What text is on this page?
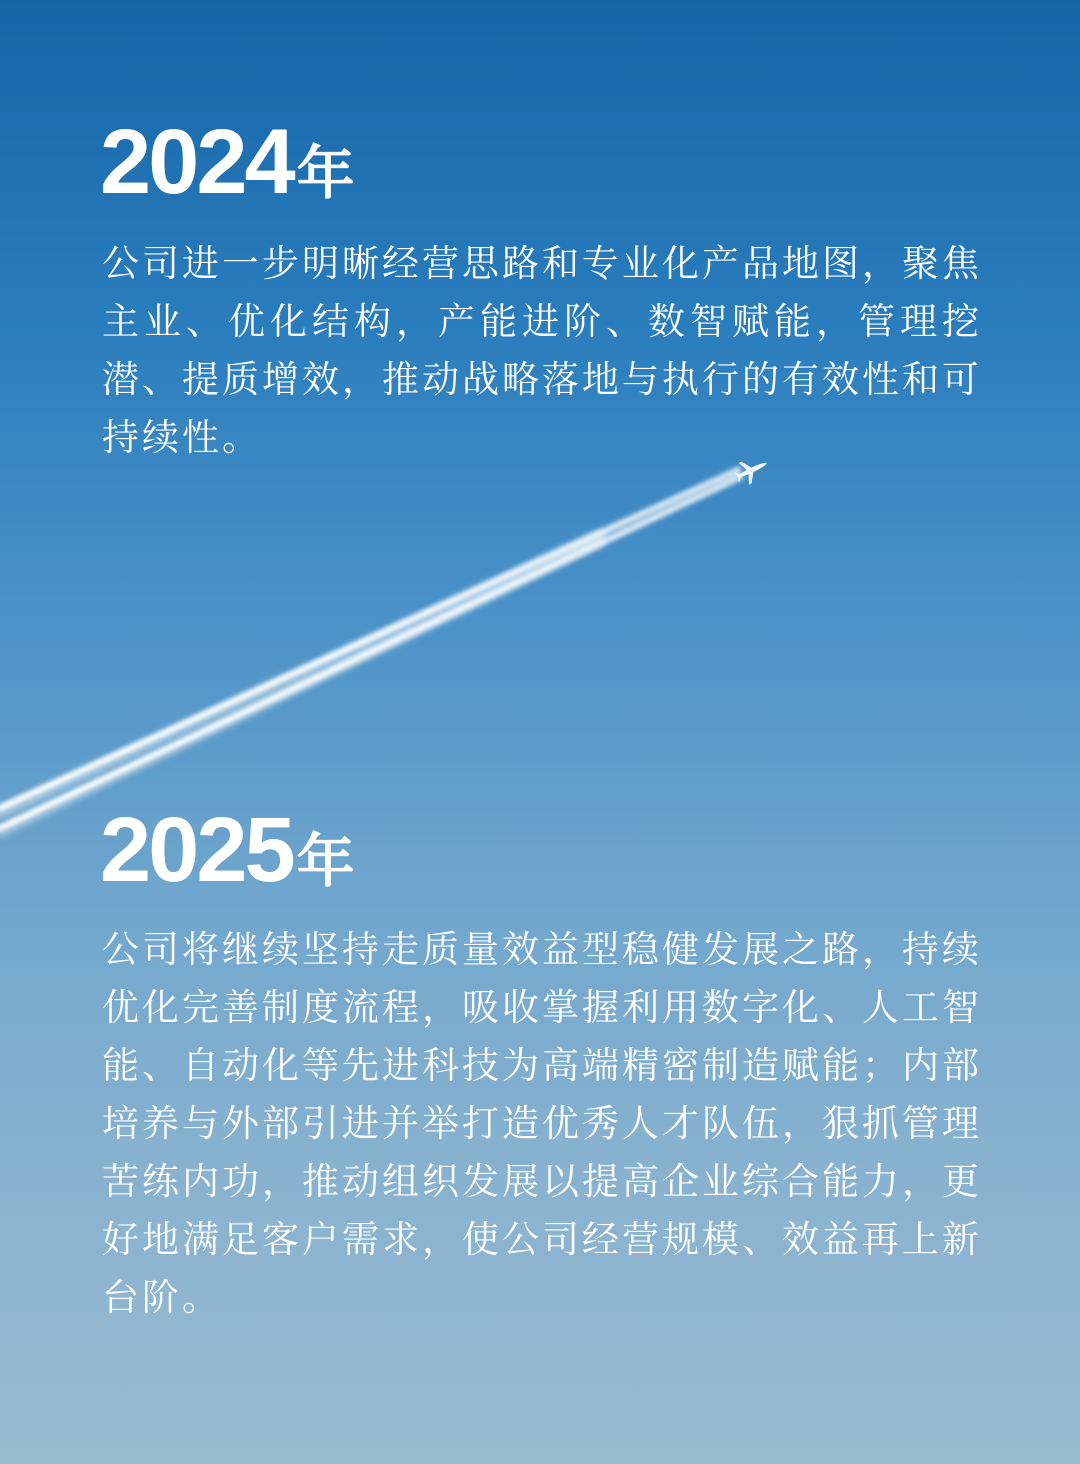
2024年

公司进一步明晰经营思路和专业化产品地图，聚焦主业、优化结构，产能进阶、数智赋能，管理挖潜、提质增效，推动战略落地与执行的有效性和可持续性。

2025年

公司将继续坚持走质量效益型稳健发展之路，持续优化完善制度流程，吸收掌握利用数字化、人工智能、自动化等先进科技为高端精密制造赋能；内部培养与外部引进并举打造优秀人才队伍，狠抓管理苦练内功，推动组织发展以提高企业综合能力，更好地满足客户需求，使公司经营规模、效益再上新台阶。
